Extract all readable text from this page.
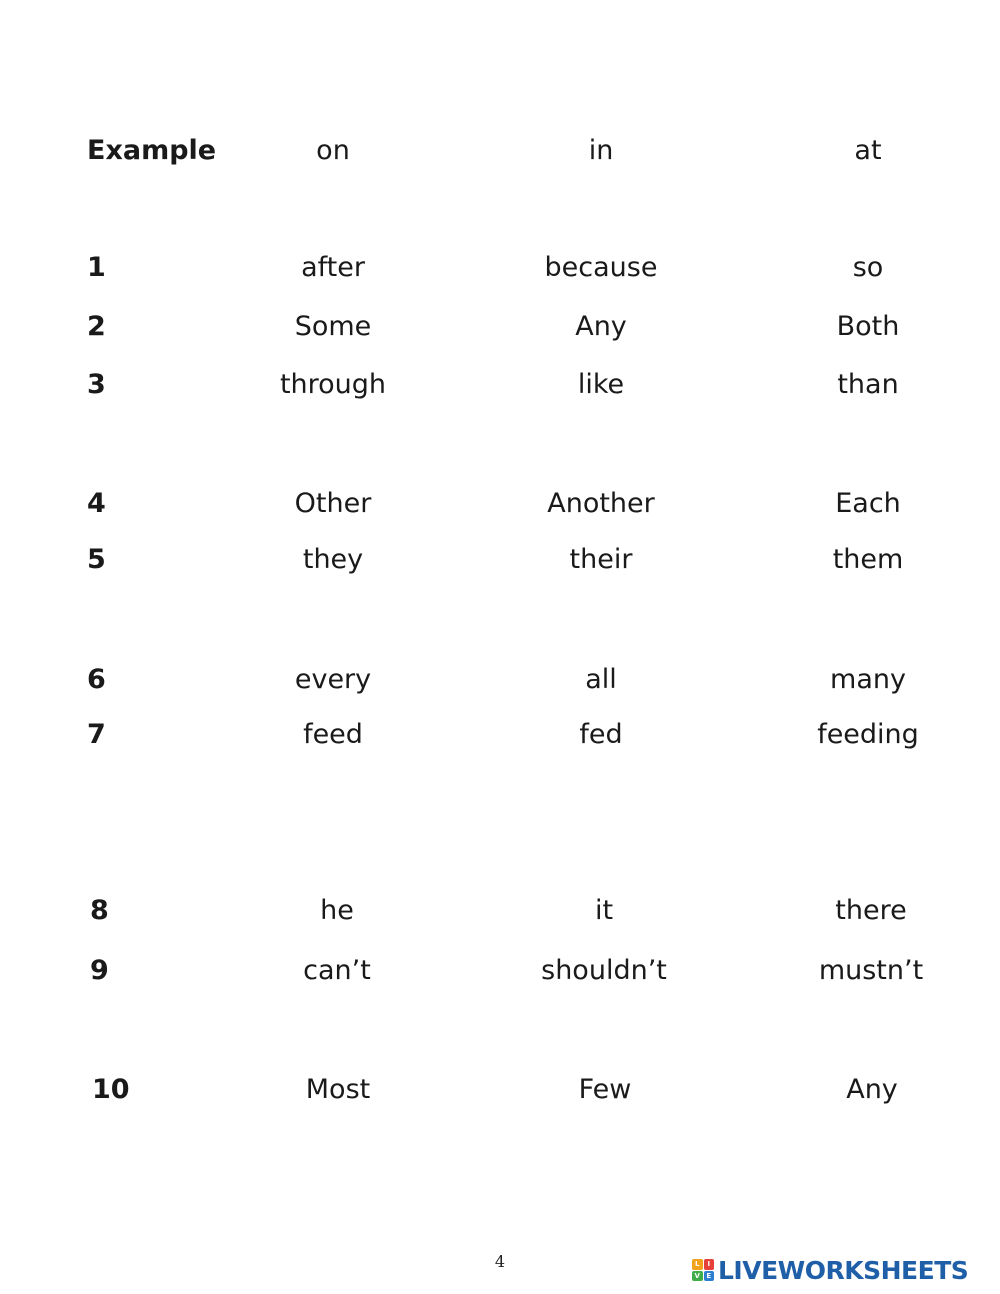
Example	on	in	at
1	after	because	so
2	Some	Any	Both
3	through	like	than
4	Other	Another	Each
5	they	their	them
6	every	all	many
7	feed	fed	feeding
8	he	it	there
9	can’t	shouldn’t	mustn’t
10	Most	Few	Any
4	L	I
V E LIVEWORKSHEETS
